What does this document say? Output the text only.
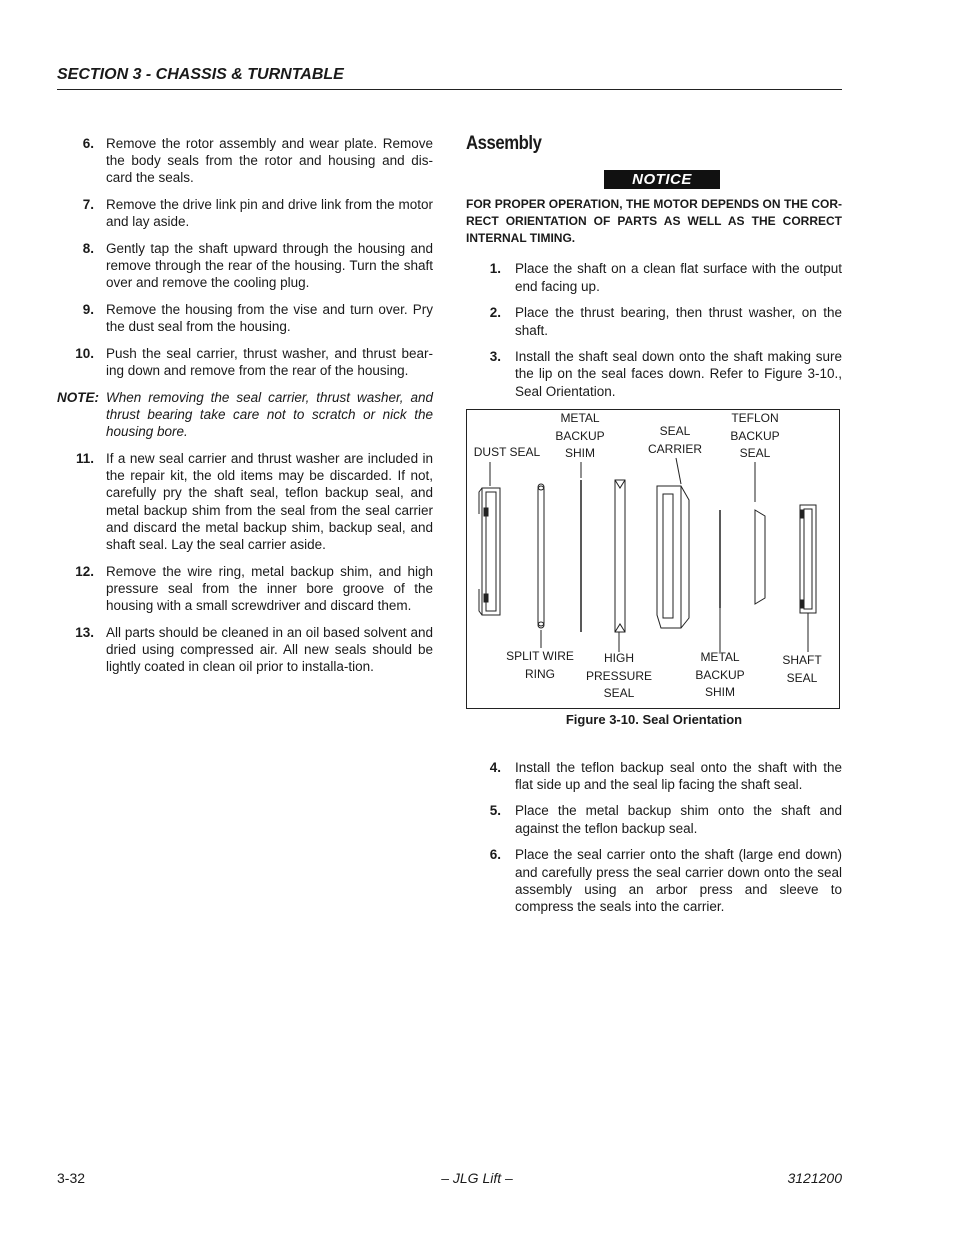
SECTION 3 - CHASSIS & TURNTABLE
6. Remove the rotor assembly and wear plate. Remove the body seals from the rotor and housing and dis-card the seals.
7. Remove the drive link pin and drive link from the motor and lay aside.
8. Gently tap the shaft upward through the housing and remove through the rear of the housing. Turn the shaft over and remove the cooling plug.
9. Remove the housing from the vise and turn over. Pry the dust seal from the housing.
10. Push the seal carrier, thrust washer, and thrust bear-ing down and remove from the rear of the housing.
NOTE: When removing the seal carrier, thrust washer, and thrust bearing take care not to scratch or nick the housing bore.
11. If a new seal carrier and thrust washer are included in the repair kit, the old items may be discarded. If not, carefully pry the shaft seal, teflon backup seal, and metal backup shim from the seal from the seal carrier and discard the metal backup shim, backup seal, and shaft seal. Lay the seal carrier aside.
12. Remove the wire ring, metal backup shim, and high pressure seal from the inner bore groove of the housing with a small screwdriver and discard them.
13. All parts should be cleaned in an oil based solvent and dried using compressed air. All new seals should be lightly coated in clean oil prior to installa-tion.
Assembly
NOTICE
FOR PROPER OPERATION, THE MOTOR DEPENDS ON THE COR-RECT ORIENTATION OF PARTS AS WELL AS THE CORRECT INTERNAL TIMING.
1. Place the shaft on a clean flat surface with the output end facing up.
2. Place the thrust bearing, then thrust washer, on the shaft.
3. Install the shaft seal down onto the shaft making sure the lip on the seal faces down. Refer to Figure 3-10., Seal Orientation.
DUST SEAL
METAL
BACKUP
SHIM
SEAL
CARRIER
TEFLON
BACKUP
SEAL
SPLIT WIRE
RING
HIGH
PRESSURE
SEAL
METAL
BACKUP
SHIM
SHAFT
SEAL
Figure 3-10. Seal Orientation
4. Install the teflon backup seal onto the shaft with the flat side up and the seal lip facing the shaft seal.
5. Place the metal backup shim onto the shaft and against the teflon backup seal.
6. Place the seal carrier onto the shaft (large end down) and carefully press the seal carrier down onto the seal assembly using an arbor press and sleeve to compress the seals into the carrier.
3-32	– JLG Lift –	3121200
